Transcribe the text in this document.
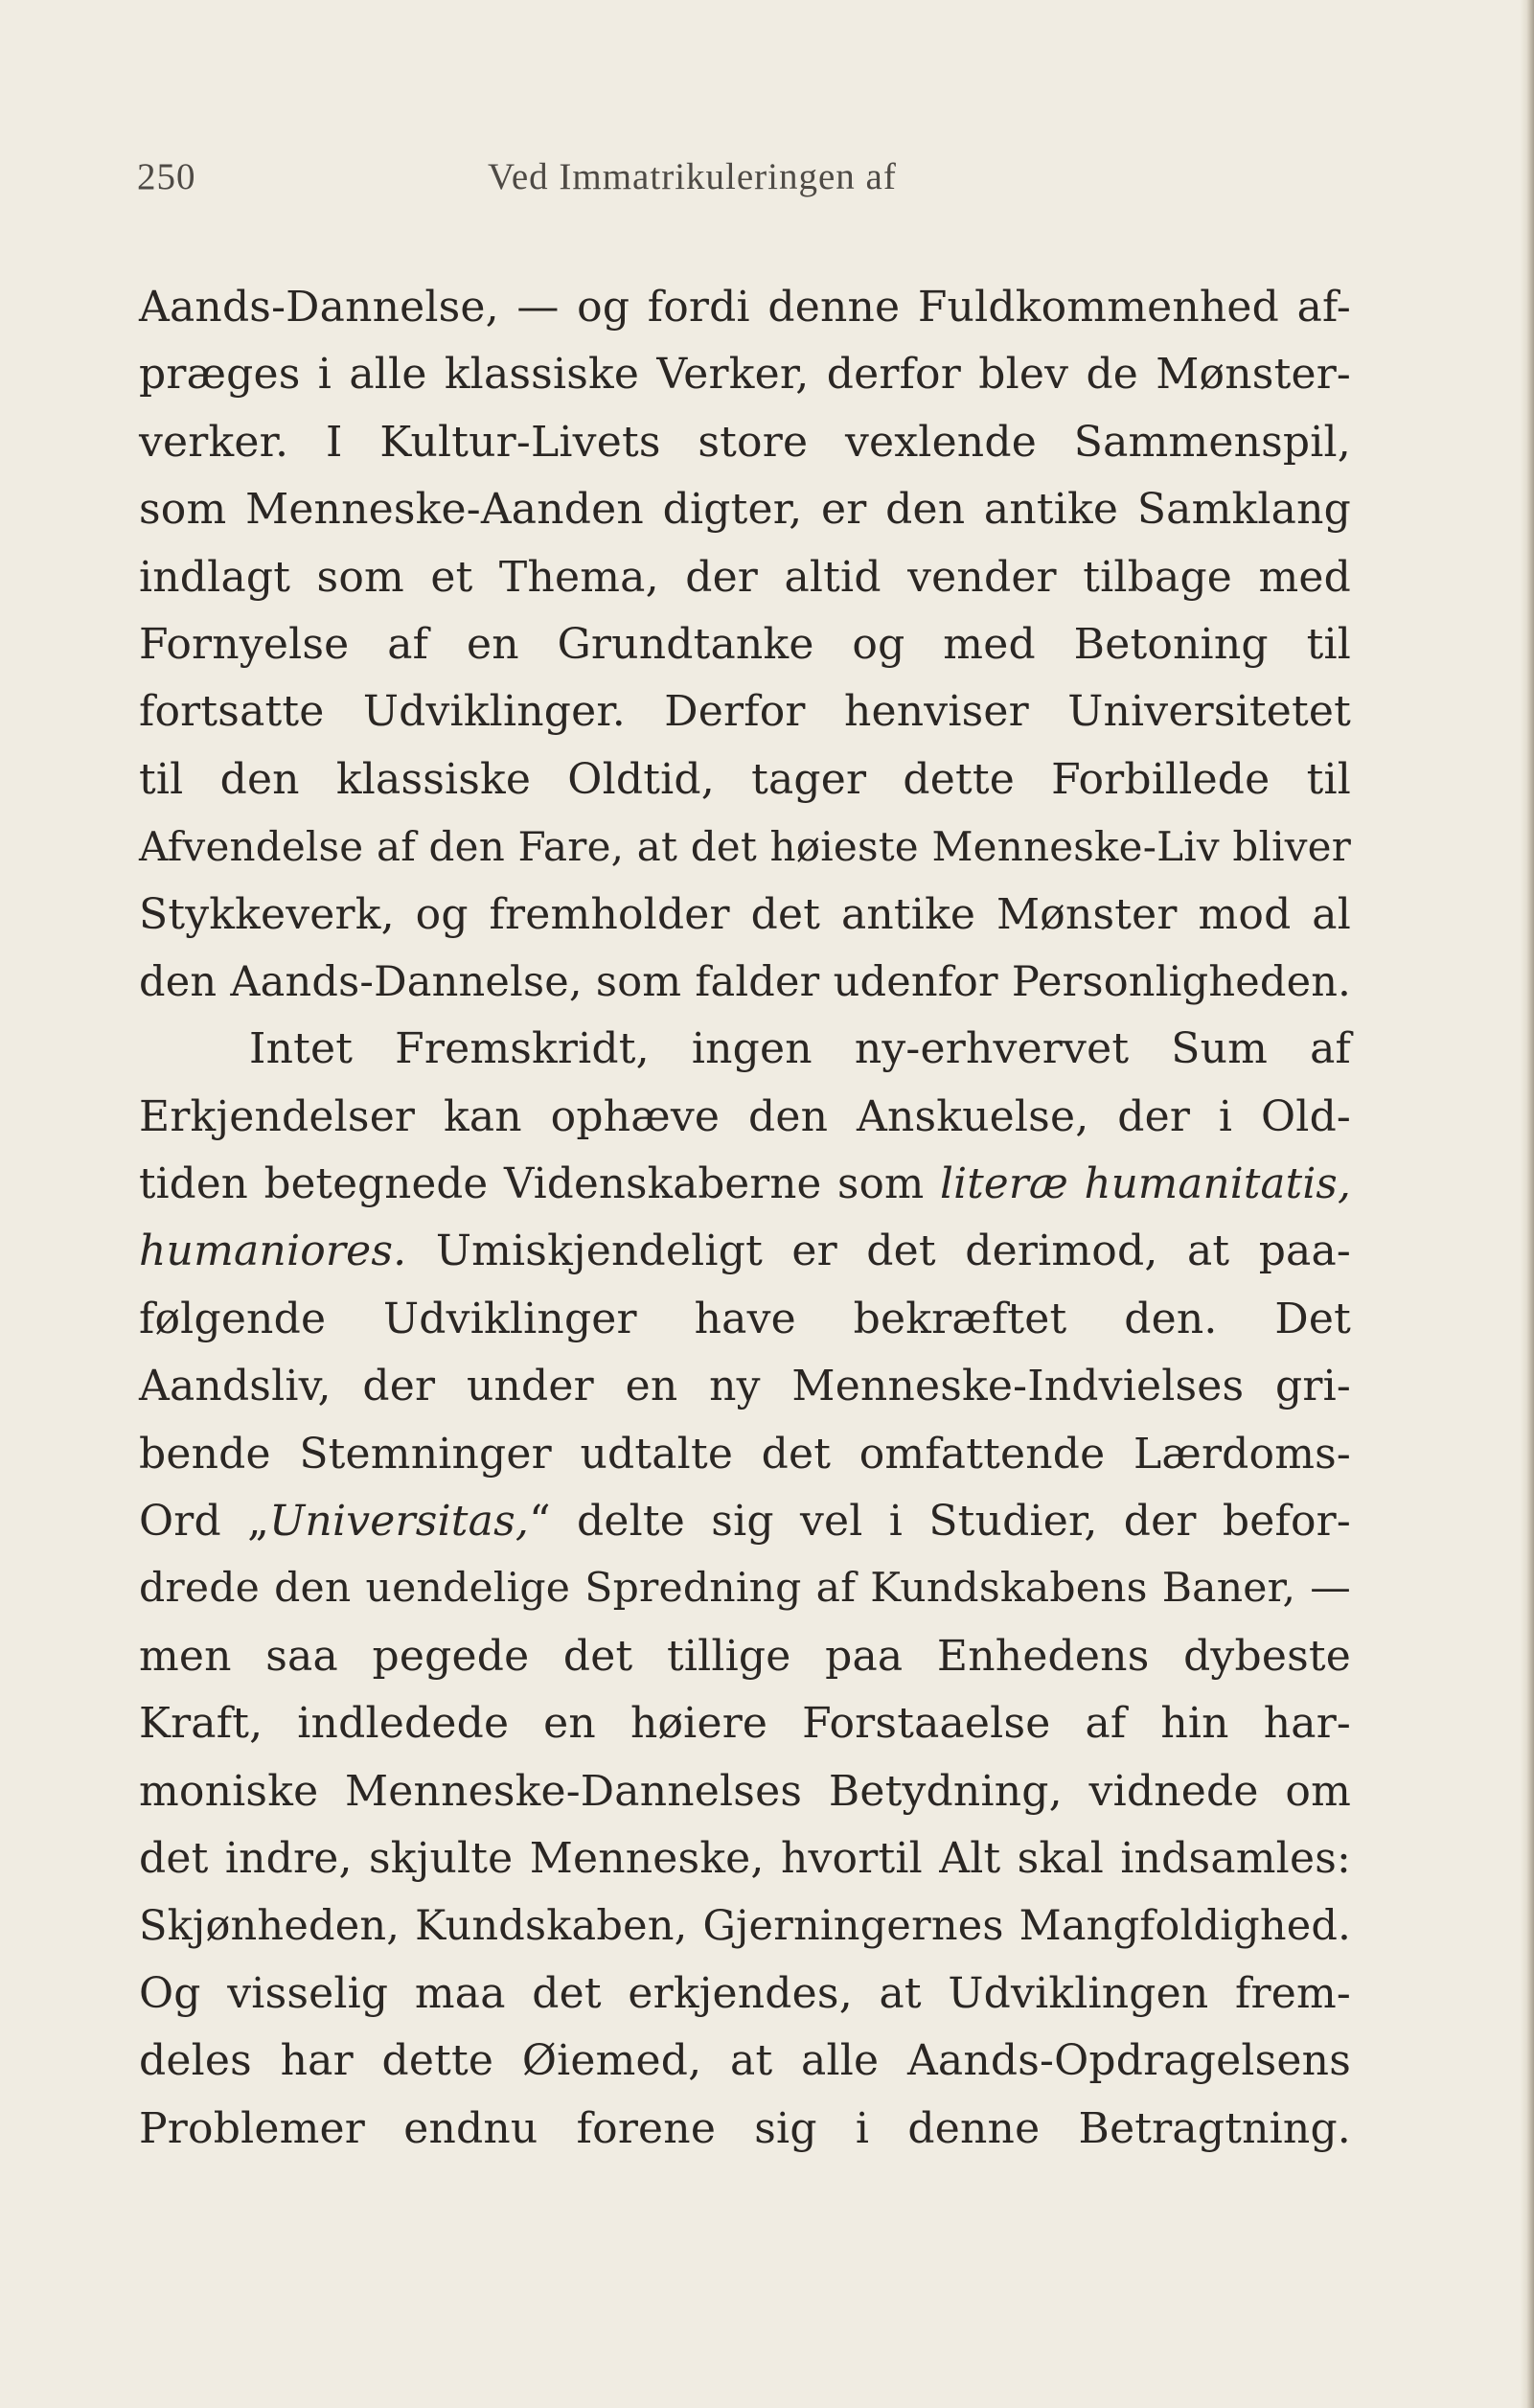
250	Ved Immatrikuleringen af
Aands-Dannelse, — og fordi denne Fuldkommenhed af-
præges i alle klassiske Verker, derfor blev de Mønster-
verker. I Kultur-Livets store vexlende Sammenspil,
som Menneske-Aanden digter, er den antike Samklang
indlagt som et Thema, der altid vender tilbage med
Fornyelse af en Grundtanke og med Betoning til
fortsatte Udviklinger. Derfor henviser Universitetet
til den klassiske Oldtid, tager dette Forbillede til
Afvendelse af den Fare, at det høieste Menneske-Liv bliver
Stykkeverk, og fremholder det antike Mønster mod al
den Aands-Dannelse, som falder udenfor Personligheden.
Intet Fremskridt, ingen ny-erhvervet Sum af
Erkjendelser kan ophæve den Anskuelse, der i Old-
tiden betegnede Videnskaberne som literæ humanitatis,
humaniores. Umiskjendeligt er det derimod, at paa-
følgende Udviklinger have bekræftet den. Det
Aandsliv, der under en ny Menneske-Indvielses gri-
bende Stemninger udtalte det omfattende Lærdoms-
Ord „Universitas,“ delte sig vel i Studier, der befor-
drede den uendelige Spredning af Kundskabens Baner, —
men saa pegede det tillige paa Enhedens dybeste
Kraft, indledede en høiere Forstaaelse af hin har-
moniske Menneske-Dannelses Betydning, vidnede om
det indre, skjulte Menneske, hvortil Alt skal indsamles:
Skjønheden, Kundskaben, Gjerningernes Mangfoldighed.
Og visselig maa det erkjendes, at Udviklingen frem-
deles har dette Øiemed, at alle Aands-Opdragelsens
Problemer endnu forene sig i denne Betragtning.
